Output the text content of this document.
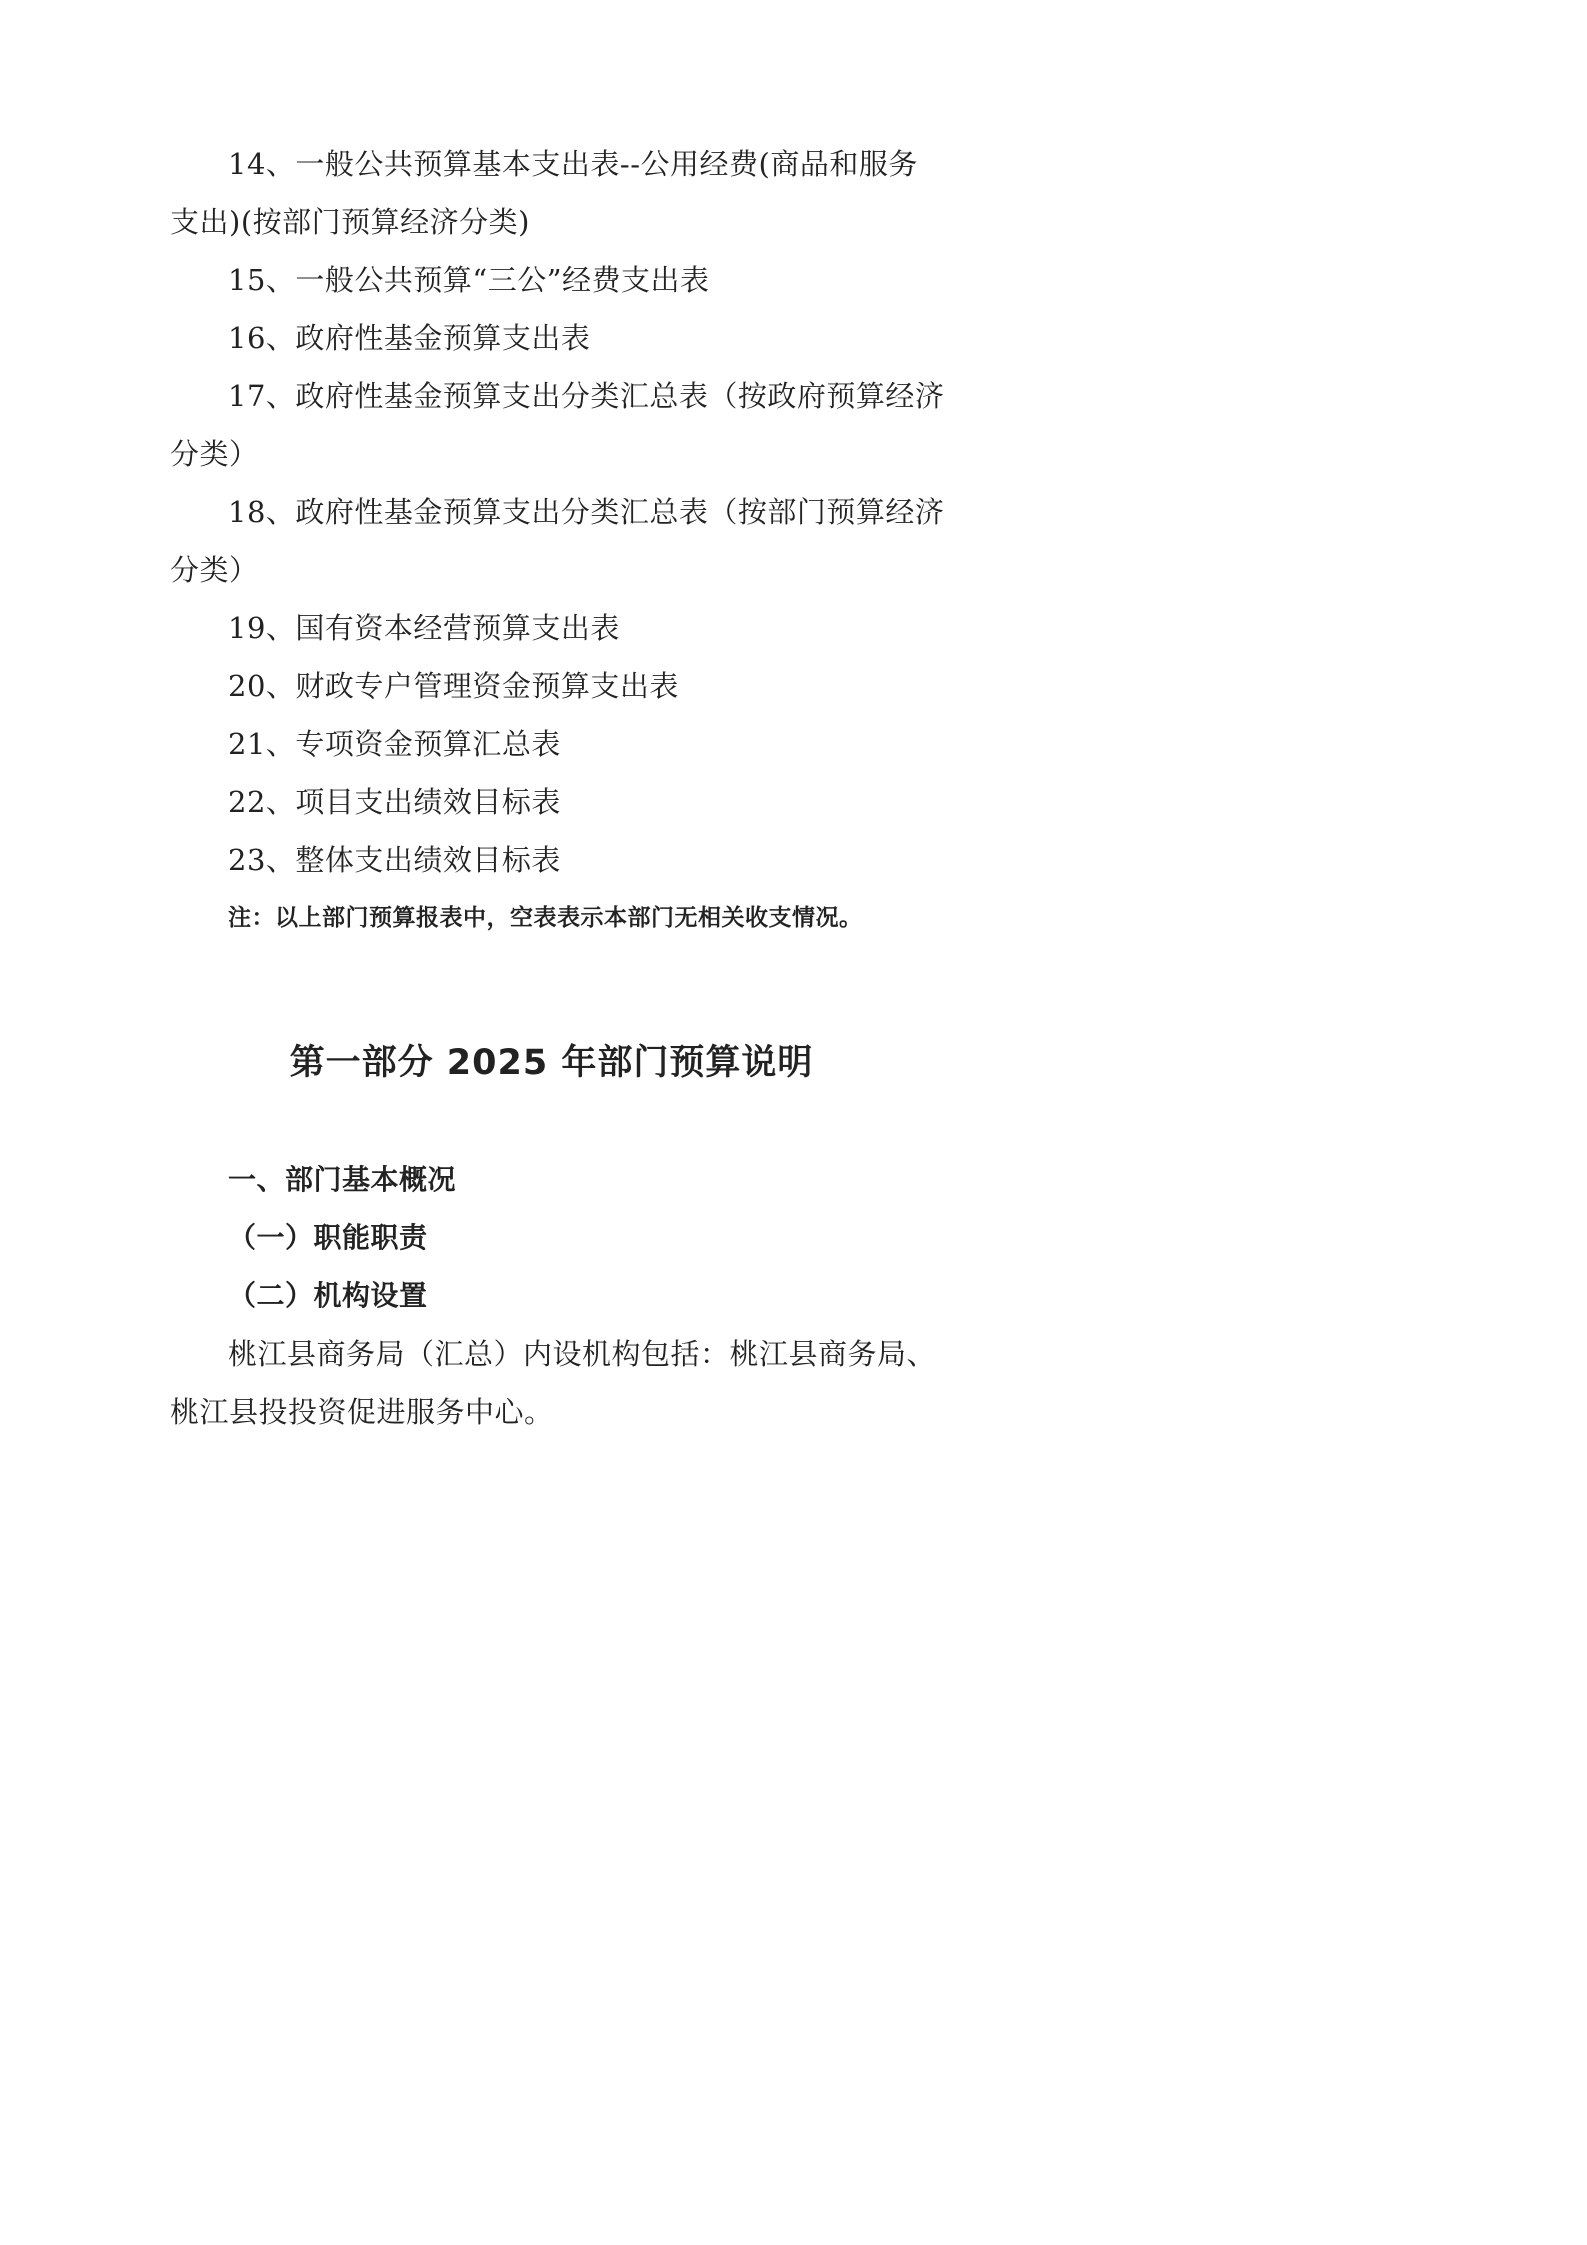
14、一般公共预算基本支出表--公用经费(商品和服务
支出)(按部门预算经济分类)
15、一般公共预算“三公”经费支出表
16、政府性基金预算支出表
17、政府性基金预算支出分类汇总表（按政府预算经济
分类）
18、政府性基金预算支出分类汇总表（按部门预算经济
分类）
19、国有资本经营预算支出表
20、财政专户管理资金预算支出表
21、专项资金预算汇总表
22、项目支出绩效目标表
23、整体支出绩效目标表
注：以上部门预算报表中，空表表示本部门无相关收支情况。
第一部分 2025 年部门预算说明
一、部门基本概况
（一）职能职责
（二）机构设置
桃江县商务局（汇总）内设机构包括：桃江县商务局、
桃江县投投资促进服务中心。
